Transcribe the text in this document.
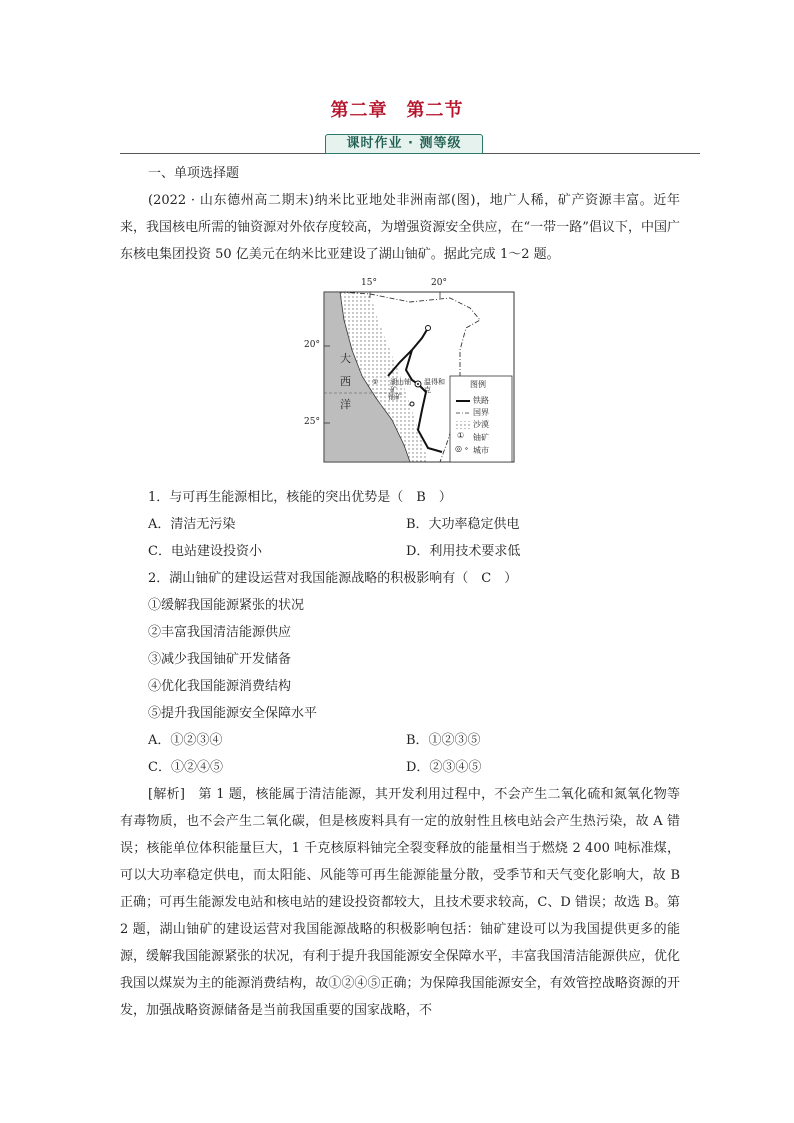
第二章　第二节
课时作业 · 测等级
一、单项选择题
(2022 · 山东德州高二期末)纳米比亚地处非洲南部(图)，地广人稀，矿产资源丰富。近年来，我国核电所需的铀资源对外依存度较高，为增强资源安全供应，在“一带一路”倡议下，中国广东核电集团投资 50 亿美元在纳米比亚建设了湖山铀矿。据此完成 1～2 题。
15°	20°
20°
25°
大
西
洋
① 湖山铀矿
温得和克
铀矿
图例
铁路
国界
沙漠
① 铀矿
◎ ∘ 城市
1．与可再生能源相比，核能的突出优势是（　B　）
A．清洁无污染	B．大功率稳定供电
C．电站建设投资小	D．利用技术要求低
2．湖山铀矿的建设运营对我国能源战略的积极影响有（　C　）
①缓解我国能源紧张的状况
②丰富我国清洁能源供应
③减少我国铀矿开发储备
④优化我国能源消费结构
⑤提升我国能源安全保障水平
A．①②③④	B．①②③⑤
C．①②④⑤	D．②③④⑤
[解析]　第 1 题，核能属于清洁能源，其开发利用过程中，不会产生二氧化硫和氮氧化物等有毒物质，也不会产生二氧化碳，但是核废料具有一定的放射性且核电站会产生热污染，故 A 错误；核能单位体积能量巨大，1 千克核原料铀完全裂变释放的能量相当于燃烧 2 400 吨标准煤，可以大功率稳定供电，而太阳能、风能等可再生能源能量分散，受季节和天气变化影响大，故 B 正确；可再生能源发电站和核电站的建设投资都较大，且技术要求较高，C、D 错误；故选 B。第 2 题，湖山铀矿的建设运营对我国能源战略的积极影响包括：铀矿建设可以为我国提供更多的能源，缓解我国能源紧张的状况，有利于提升我国能源安全保障水平，丰富我国清洁能源供应，优化我国以煤炭为主的能源消费结构，故①②④⑤正确；为保障我国能源安全，有效管控战略资源的开发，加强战略资源储备是当前我国重要的国家战略，不
